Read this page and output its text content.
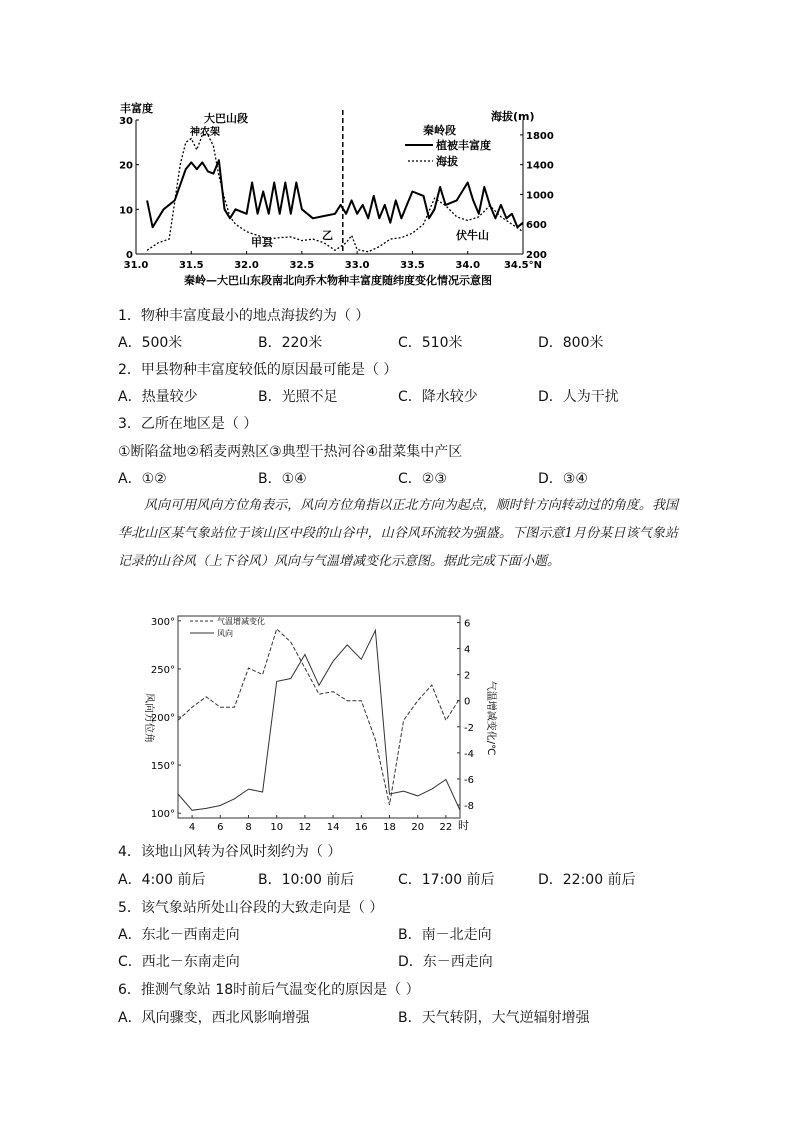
30
20
10
0
1800
1400
1000
600
200
31.0	31.5	32.0	32.5	33.0	33.5	34.0 34.5°N
丰富度
海拔(m)
大巴山段
神农架	秦岭段
甲县
乙	伏牛山
植被丰富度
海拔
秦岭—大巴山东段南北向乔木物种丰富度随纬度变化情况示意图
1．物种丰富度最小的地点海拔约为（ ）
A．500米	B．220米	C．510米	D．800米
2．甲县物种丰富度较低的原因最可能是（ ）
A．热量较少	B．光照不足	C．降水较少	D．人为干扰
3．乙所在地区是（ ）
①断陷盆地②稻麦两熟区③典型干热河谷④甜菜集中产区
A．①②	B．①④	C．②③	D．③④
风向可用风向方位角表示，风向方位角指以正北方向为起点，顺时针方向转动过的角度。我国华北山区某气象站位于该山区中段的山谷中，山谷风环流较为强盛。下图示意1月份某日该气象站记录的山谷风（上下谷风）风向与气温增减变化示意图。据此完成下面小题。
300°
250°
200°
150°
100°
6
4
2
0
-2
-4
-6
-8
4 6 8 10 12 14 16 18 20 22
气温增减变化
风向
风向方位角	气温增减变化/℃
时
4．该地山风转为谷风时刻约为（ ）
A．4:00 前后	B．10:00 前后	C．17:00 前后	D．22:00 前后
5．该气象站所处山谷段的大致走向是（ ）
A．东北－西南走向	B．南－北走向
C．西北－东南走向	D．东－西走向
6．推测气象站 18时前后气温变化的原因是（ ）
A．风向骤变，西北风影响增强	B．天气转阴，大气逆辐射增强
